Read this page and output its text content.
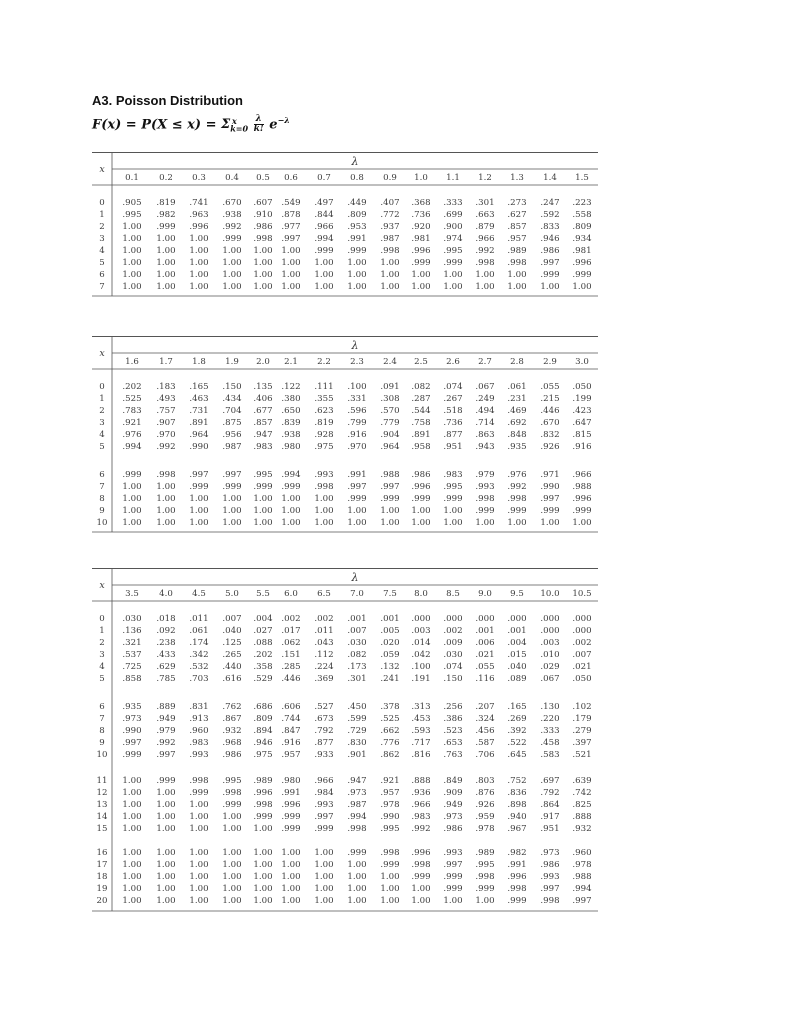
A3. Poisson Distribution
F(x) = P(X ≤ x) = Σ x
$_{k=0} \frac{\lambda}{k!} e^{-\lambda}$
λ
x
0.1	0.2	0.3	0.4	0.5	0.6	0.7	0.8	0.9	1.0	1.1	1.2	1.3	1.4	1.5
0	.905	.819	.741	.670	.607	.549	.497	.449	.407	.368	.333	.301	.273	.247	.223
1	.995	.982	.963	.938	.910	.878	.844	.809	.772	.736	.699	.663	.627	.592	.558
2	1.00	.999	.996	.992	.986	.977	.966	.953	.937	.920	.900	.879	.857	.833	.809
3	1.00	1.00	1.00	.999	.998	.997	.994	.991	.987	.981	.974	.966	.957	.946	.934
4	1.00	1.00	1.00	1.00	1.00	1.00	.999	.999	.998	.996	.995	.992	.989	.986	.981
5	1.00	1.00	1.00	1.00	1.00	1.00	1.00	1.00	1.00	.999	.999	.998	.998	.997	.996
6	1.00	1.00	1.00	1.00	1.00	1.00	1.00	1.00	1.00	1.00	1.00	1.00	1.00	.999	.999
7	1.00	1.00	1.00	1.00	1.00	1.00	1.00	1.00	1.00	1.00	1.00	1.00	1.00	1.00	1.00
λ
x
1.6	1.7	1.8	1.9	2.0	2.1	2.2	2.3	2.4	2.5	2.6	2.7	2.8	2.9	3.0
0	.202	.183	.165	.150	.135	.122	.111	.100	.091	.082	.074	.067	.061	.055	.050
1	.525	.493	.463	.434	.406	.380	.355	.331	.308	.287	.267	.249	.231	.215	.199
2	.783	.757	.731	.704	.677	.650	.623	.596	.570	.544	.518	.494	.469	.446	.423
3	.921	.907	.891	.875	.857	.839	.819	.799	.779	.758	.736	.714	.692	.670	.647
4	.976	.970	.964	.956	.947	.938	.928	.916	.904	.891	.877	.863	.848	.832	.815
5	.994	.992	.990	.987	.983	.980	.975	.970	.964	.958	.951	.943	.935	.926	.916
6	.999	.998	.997	.997	.995	.994	.993	.991	.988	.986	.983	.979	.976	.971	.966
7	1.00	1.00	.999	.999	.999	.999	.998	.997	.997	.996	.995	.993	.992	.990	.988
8	1.00	1.00	1.00	1.00	1.00	1.00	1.00	.999	.999	.999	.999	.998	.998	.997	.996
9	1.00	1.00	1.00	1.00	1.00	1.00	1.00	1.00	1.00	1.00	1.00	.999	.999	.999	.999
10	1.00	1.00	1.00	1.00	1.00	1.00	1.00	1.00	1.00	1.00	1.00	1.00	1.00	1.00	1.00
λ
x
3.5	4.0	4.5	5.0	5.5	6.0	6.5	7.0	7.5	8.0	8.5	9.0	9.5	10.0	10.5
0	.030	.018	.011	.007	.004	.002	.002	.001	.001	.000	.000	.000	.000	.000	.000
1	.136	.092	.061	.040	.027	.017	.011	.007	.005	.003	.002	.001	.001	.000	.000
2	.321	.238	.174	.125	.088	.062	.043	.030	.020	.014	.009	.006	.004	.003	.002
3	.537	.433	.342	.265	.202	.151	.112	.082	.059	.042	.030	.021	.015	.010	.007
4	.725	.629	.532	.440	.358	.285	.224	.173	.132	.100	.074	.055	.040	.029	.021
5	.858	.785	.703	.616	.529	.446	.369	.301	.241	.191	.150	.116	.089	.067	.050
6	.935	.889	.831	.762	.686	.606	.527	.450	.378	.313	.256	.207	.165	.130	.102
7	.973	.949	.913	.867	.809	.744	.673	.599	.525	.453	.386	.324	.269	.220	.179
8	.990	.979	.960	.932	.894	.847	.792	.729	.662	.593	.523	.456	.392	.333	.279
9	.997	.992	.983	.968	.946	.916	.877	.830	.776	.717	.653	.587	.522	.458	.397
10	.999	.997	.993	.986	.975	.957	.933	.901	.862	.816	.763	.706	.645	.583	.521
11	1.00	.999	.998	.995	.989	.980	.966	.947	.921	.888	.849	.803	.752	.697	.639
12	1.00	1.00	.999	.998	.996	.991	.984	.973	.957	.936	.909	.876	.836	.792	.742
13	1.00	1.00	1.00	.999	.998	.996	.993	.987	.978	.966	.949	.926	.898	.864	.825
14	1.00	1.00	1.00	1.00	.999	.999	.997	.994	.990	.983	.973	.959	.940	.917	.888
15	1.00	1.00	1.00	1.00	1.00	.999	.999	.998	.995	.992	.986	.978	.967	.951	.932
16	1.00	1.00	1.00	1.00	1.00	1.00	1.00	.999	.998	.996	.993	.989	.982	.973	.960
17	1.00	1.00	1.00	1.00	1.00	1.00	1.00	1.00	.999	.998	.997	.995	.991	.986	.978
18	1.00	1.00	1.00	1.00	1.00	1.00	1.00	1.00	1.00	.999	.999	.998	.996	.993	.988
19	1.00	1.00	1.00	1.00	1.00	1.00	1.00	1.00	1.00	1.00	.999	.999	.998	.997	.994
20	1.00	1.00	1.00	1.00	1.00	1.00	1.00	1.00	1.00	1.00	1.00	1.00	.999	.998	.997
